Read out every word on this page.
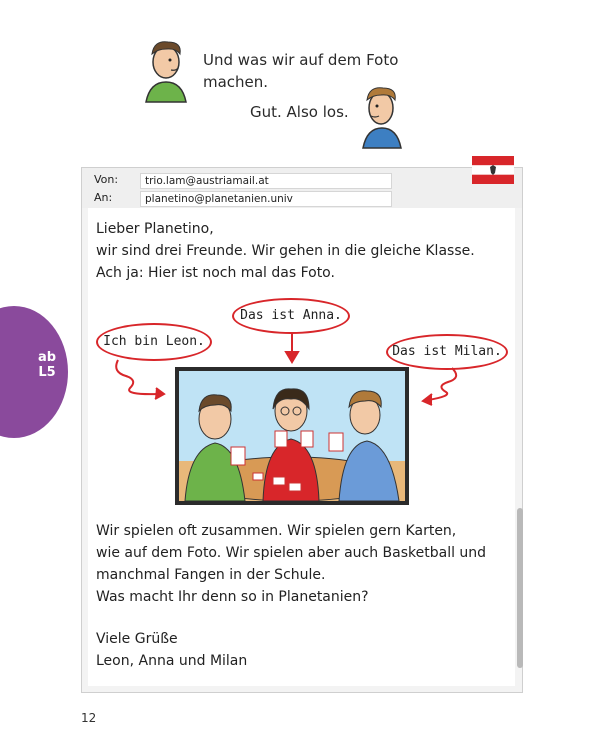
Und was wir auf dem Foto machen.
Gut. Also los.
ab
L5
Von:	trio.lam@austriamail.at
An:	planetino@planetanien.univ
Lieber Planetino,
wir sind drei Freunde. Wir gehen in die gleiche Klasse.
Ach ja: Hier ist noch mal das Foto.
Wir spielen oft zusammen. Wir spielen gern Karten,
wie auf dem Foto. Wir spielen aber auch Basketball und
manchmal Fangen in der Schule.
Was macht Ihr denn so in Planetanien?
Viele Grüße
Leon, Anna und Milan
Ich bin Leon.
Das ist Anna.
Das ist Milan.
12
